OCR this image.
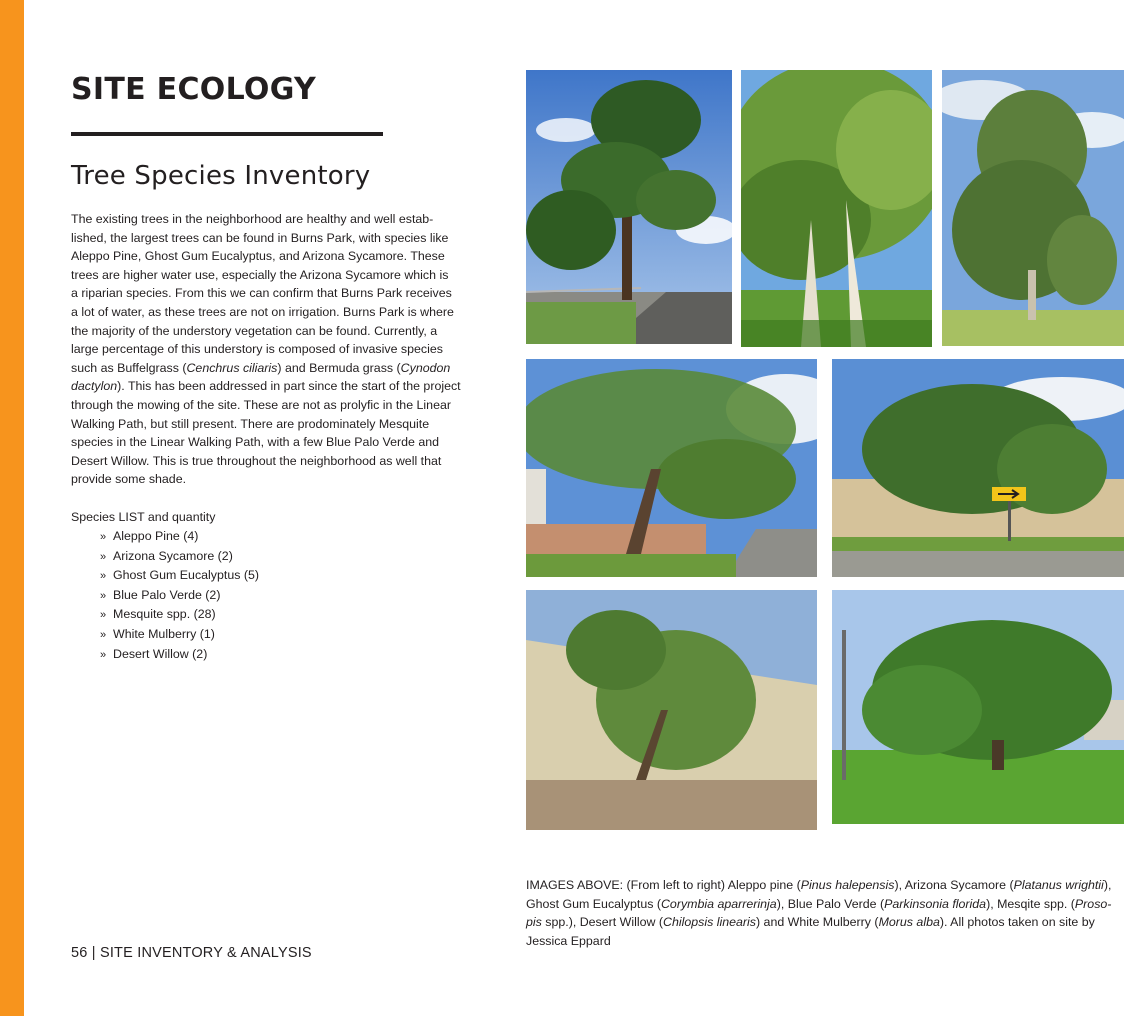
SITE ECOLOGY
Tree Species Inventory
The existing trees in the neighborhood are healthy and well estab-
lished, the largest trees can be found in Burns Park, with species like
Aleppo Pine, Ghost Gum Eucalyptus, and Arizona Sycamore. These
trees are higher water use, especially the Arizona Sycamore which is
a riparian species. From this we can confirm that Burns Park receives
a lot of water, as these trees are not on irrigation. Burns Park is where
the majority of the understory vegetation can be found. Currently, a
large percentage of this understory is composed of invasive species
such as Buffelgrass (Cenchrus ciliaris) and Bermuda grass (Cynodon
dactylon). This has been addressed in part since the start of the project
through the mowing of the site. These are not as prolyfic in the Linear
Walking Path, but still present. There are prodominately Mesquite
species in the Linear Walking Path, with a few Blue Palo Verde and
Desert Willow. This is true throughout the neighborhood as well that
provide some shade.
Species LIST and quantity
» Aleppo Pine (4)
» Arizona Sycamore (2)
» Ghost Gum Eucalyptus (5)
» Blue Palo Verde (2)
» Mesquite spp. (28)
» White Mulberry (1)
» Desert Willow (2)
56 | SITE INVENTORY & ANALYSIS
IMAGES ABOVE: (From left to right) Aleppo pine (Pinus halepensis), Arizona Sycamore (Platanus wrightii),
Ghost Gum Eucalyptus (Corymbia aparrerinja), Blue Palo Verde (Parkinsonia florida), Mesqite spp. (Proso-
pis spp.), Desert Willow (Chilopsis linearis) and White Mulberry (Morus alba). All photos taken on site by
Jessica Eppard
